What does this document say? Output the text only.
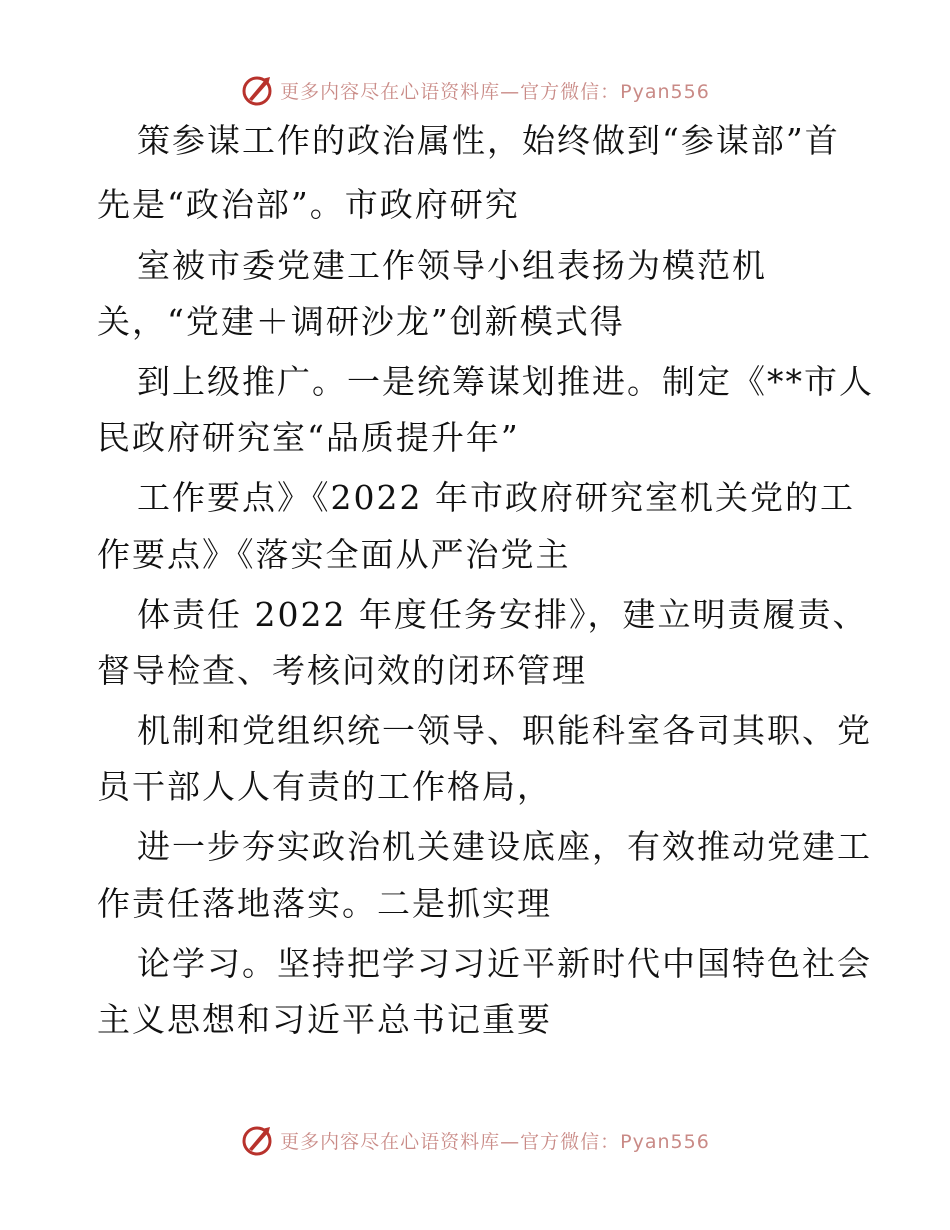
更多内容尽在心语资料库—官方微信：Pyan556
策参谋工作的政治属性，始终做到“参谋部”首
先是“政治部”。市政府研究
室被市委党建工作领导小组表扬为模范机
关，“党建＋调研沙龙”创新模式得
到上级推广。一是统筹谋划推进。制定《**市人
民政府研究室“品质提升年”
工作要点》《2022 年市政府研究室机关党的工
作要点》《落实全面从严治党主
体责任 2022 年度任务安排》，建立明责履责、
督导检查、考核问效的闭环管理
机制和党组织统一领导、职能科室各司其职、党
员干部人人有责的工作格局，
进一步夯实政治机关建设底座，有效推动党建工
作责任落地落实。二是抓实理
论学习。坚持把学习习近平新时代中国特色社会
主义思想和习近平总书记重要
更多内容尽在心语资料库—官方微信：Pyan556
